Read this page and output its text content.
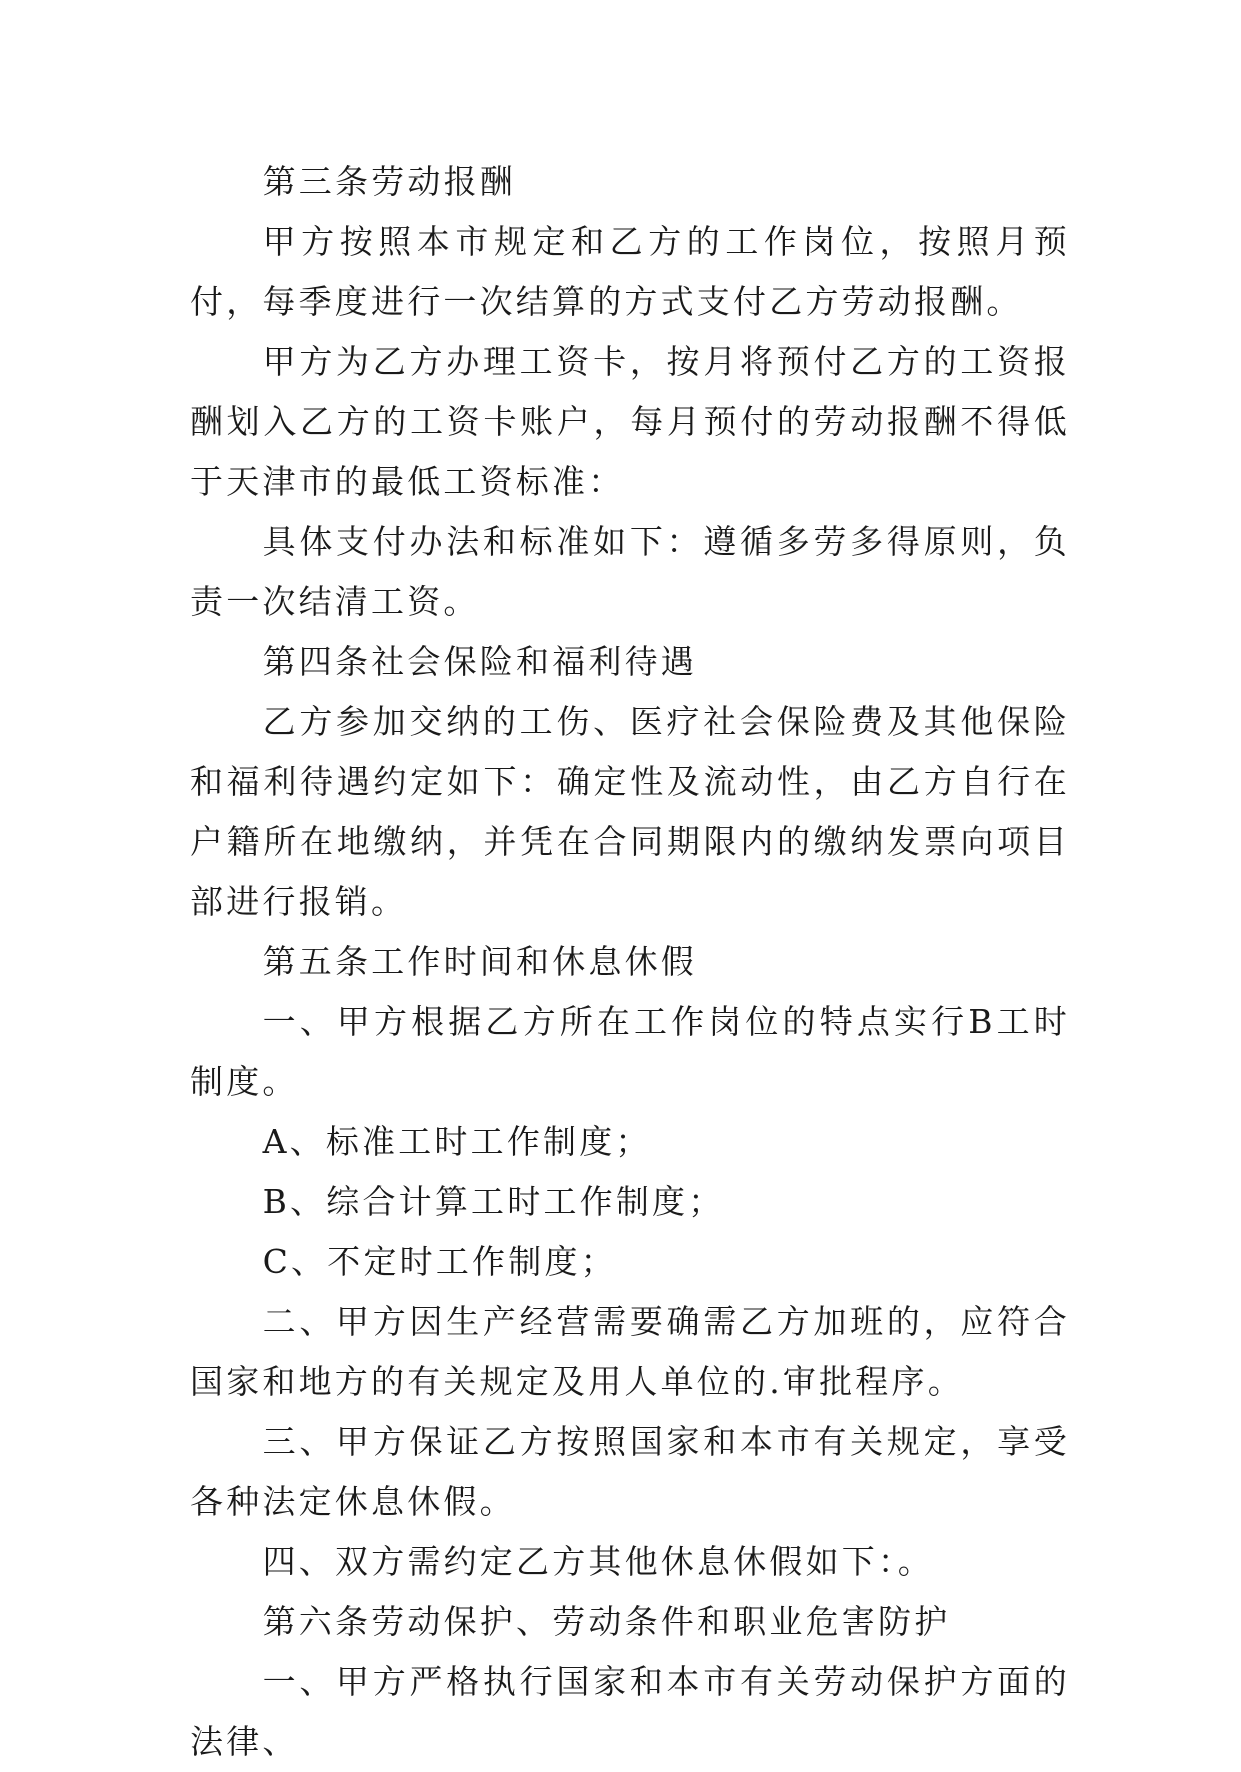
第三条劳动报酬

甲方按照本市规定和乙方的工作岗位，按照月预付，每季度进行一次结算的方式支付乙方劳动报酬。

甲方为乙方办理工资卡，按月将预付乙方的工资报酬划入乙方的工资卡账户，每月预付的劳动报酬不得低于天津市的最低工资标准：

具体支付办法和标准如下：遵循多劳多得原则，负责一次结清工资。

第四条社会保险和福利待遇

乙方参加交纳的工伤、医疗社会保险费及其他保险和福利待遇约定如下：确定性及流动性，由乙方自行在户籍所在地缴纳，并凭在合同期限内的缴纳发票向项目部进行报销。

第五条工作时间和休息休假

一、甲方根据乙方所在工作岗位的特点实行B工时制度。

A、标准工时工作制度；

B、综合计算工时工作制度；

C、不定时工作制度；

二、甲方因生产经营需要确需乙方加班的，应符合国家和地方的有关规定及用人单位的.审批程序。

三、甲方保证乙方按照国家和本市有关规定，享受各种法定休息休假。

四、双方需约定乙方其他休息休假如下：。

第六条劳动保护、劳动条件和职业危害防护

一、甲方严格执行国家和本市有关劳动保护方面的法律、
